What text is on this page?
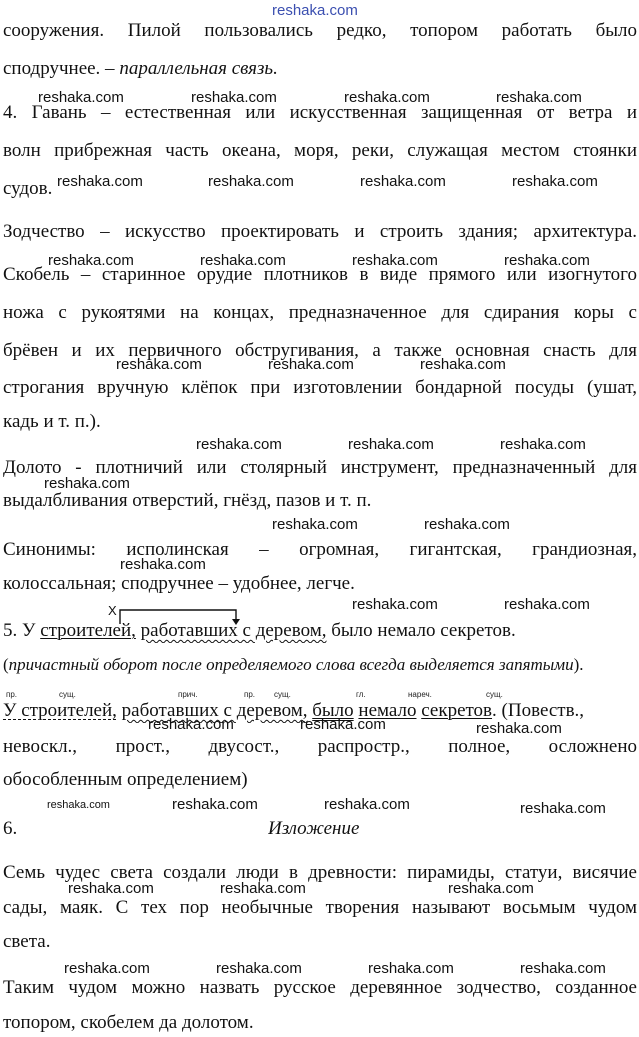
reshaka.com
сооружения. Пилой пользовались редко, топором работать было
сподручнее. – параллельная связь.
reshaka.com	reshaka.com	reshaka.com	reshaka.com
4. Гавань – естественная или искусственная защищенная от ветра и
волн прибрежная часть океана, моря, реки, служащая местом стоянки
судов. reshaka.com	reshaka.com	reshaka.com	reshaka.com
Зодчество – искусство проектировать и строить здания; архитектура.
reshaka.com	reshaka.com	reshaka.com	reshaka.com
Скобель – старинное орудие плотников в виде прямого или изогнутого
ножа с рукоятями на концах, предназначенное для сдирания коры с
брёвен и их первичного обстругивания, а также основная снасть для
reshaka.com	reshaka.com	reshaka.com
строгания вручную клёпок при изготовлении бондарной посуды (ушат,
кадь и т. п.).
reshaka.com	reshaka.com	reshaka.com
Долото - плотничий или столярный инструмент, предназначенный для
reshaka.com
выдалбливания отверстий, гнёзд, пазов и т. п.
reshaka.com	reshaka.com
Синонимы: исполинская – огромная, гигантская, грандиозная,
reshaka.com
колоссальная; сподручнее – удобнее, легче.
reshaka.com	reshaka.com
X
5. У строителей, работавших с деревом, было немало секретов.
(причастный оборот после определяемого слова всегда выделяется запятыми).
пр.	сущ.	прич.	пр. сущ.	гл.	нареч.	сущ.
У строителей, работавших с деревом, было немало секретов. (Повеств.,
reshaka.com	reshaka.com	reshaka.com
невоскл., прост., двусост., распростр., полное, осложнено
обособленным определением)
reshaka.com	reshaka.com	reshaka.com	reshaka.com
6.	Изложение
Семь чудес света создали люди в древности: пирамиды, статуи, висячие
reshaka.com	reshaka.com	reshaka.com
сады, маяк. С тех пор необычные творения называют восьмым чудом
света.
reshaka.com	reshaka.com	reshaka.com	reshaka.com
Таким чудом можно назвать русское деревянное зодчество, созданное
топором, скобелем да долотом.
